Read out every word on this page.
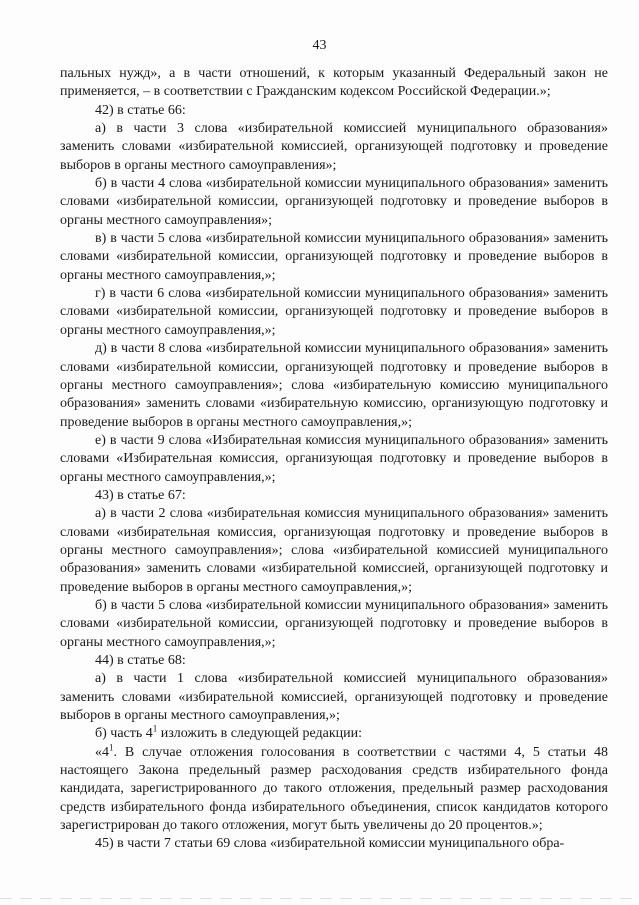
43

пальных нужд», а в части отношений, к которым указанный Федеральный закон не применяется, – в соответствии с Гражданским кодексом Российской Федерации.»;

42) в статье 66:

а) в части 3 слова «избирательной комиссией муниципального образования» заменить словами «избирательной комиссией, организующей подготовку и проведение выборов в органы местного самоуправления»;

б) в части 4 слова «избирательной комиссии муниципального образования» заменить словами «избирательной комиссии, организующей подготовку и проведение выборов в органы местного самоуправления»;

в) в части 5 слова «избирательной комиссии муниципального образования» заменить словами «избирательной комиссии, организующей подготовку и проведение выборов в органы местного самоуправления,»;

г) в части 6 слова «избирательной комиссии муниципального образования» заменить словами «избирательной комиссии, организующей подготовку и проведение выборов в органы местного самоуправления,»;

д) в части 8 слова «избирательной комиссии муниципального образования» заменить словами «избирательной комиссии, организующей подготовку и проведение выборов в органы местного самоуправления»; слова «избирательную комиссию муниципального образования» заменить словами «избирательную комиссию, организующую подготовку и проведение выборов в органы местного самоуправления,»;

е) в части 9 слова «Избирательная комиссия муниципального образования» заменить словами «Избирательная комиссия, организующая подготовку и проведение выборов в органы местного самоуправления,»;

43) в статье 67:

а) в части 2 слова «избирательная комиссия муниципального образования» заменить словами «избирательная комиссия, организующая подготовку и проведение выборов в органы местного самоуправления»; слова «избирательной комиссией муниципального образования» заменить словами «избирательной комиссией, организующей подготовку и проведение выборов в органы местного самоуправления,»;

б) в части 5 слова «избирательной комиссии муниципального образования» заменить словами «избирательной комиссии, организующей подготовку и проведение выборов в органы местного самоуправления,»;

44) в статье 68:

а) в части 1 слова «избирательной комиссией муниципального образования» заменить словами «избирательной комиссией, организующей подготовку и проведение выборов в органы местного самоуправления,»;

б) часть $4^1$ изложить в следующей редакции:

«$4^1$. В случае отложения голосования в соответствии с частями 4, 5 статьи 48 настоящего Закона предельный размер расходования средств избирательного фонда кандидата, зарегистрированного до такого отложения, предельный размер расходования средств избирательного фонда избирательного объединения, список кандидатов которого зарегистрирован до такого отложения, могут быть увеличены до 20 процентов.»;

45) в части 7 статьи 69 слова «избирательной комиссии муниципального обра-
